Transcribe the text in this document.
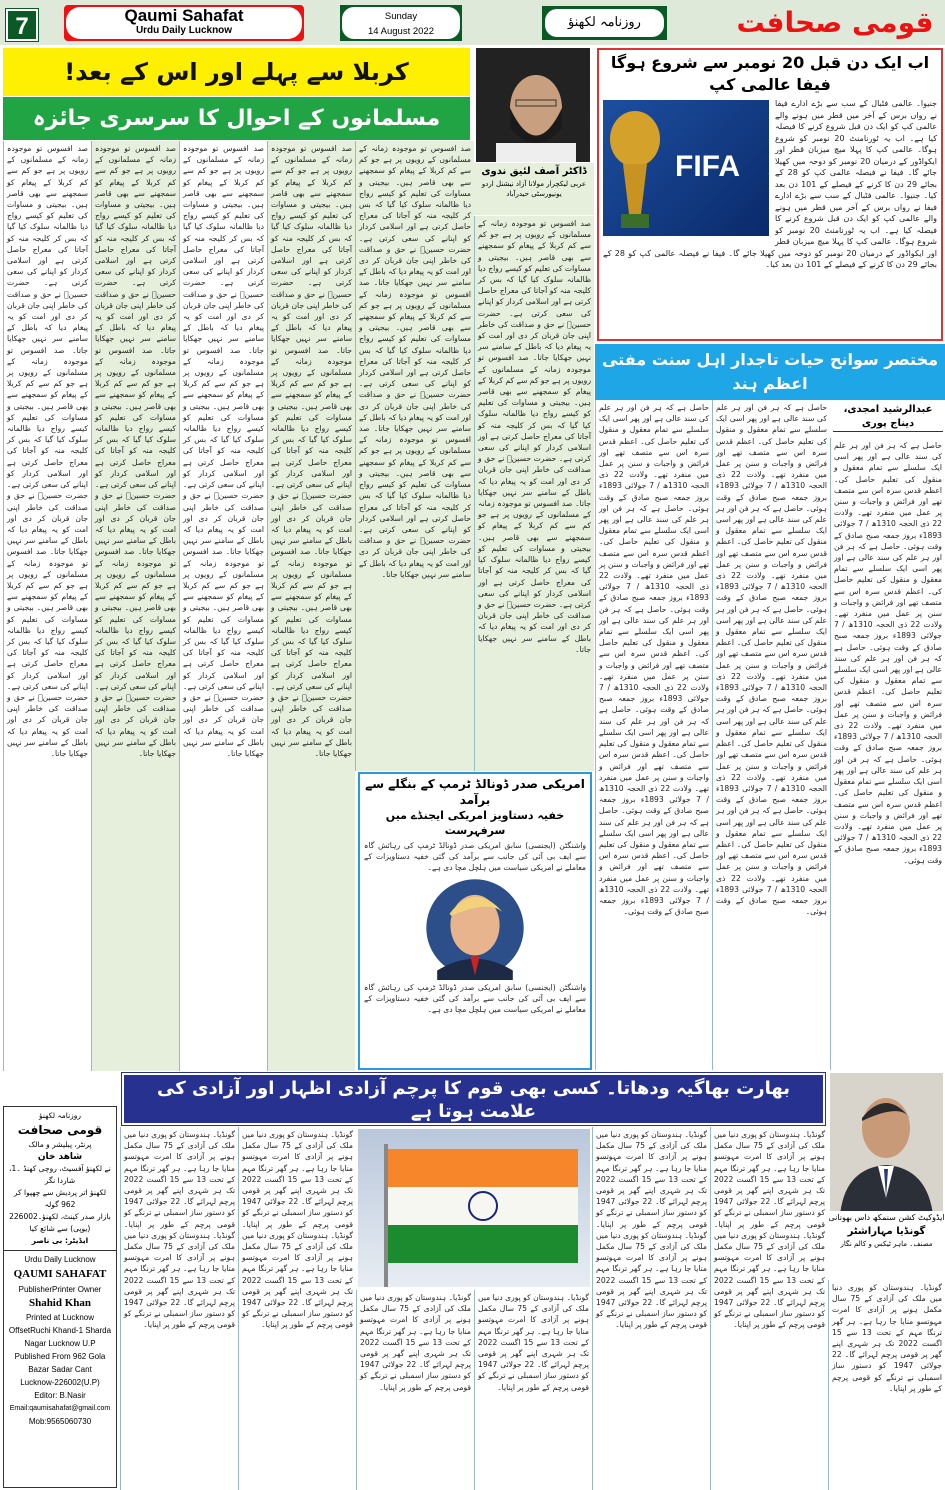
7	Qaumi Sahafat
Urdu Daily Lucknow
Sunday
14 August 2022
روزنامہ لکھنؤ	قومی صحافت
کربلا سے پہلے اور اس کے بعد!
مسلمانوں کے احوال کا سرسری جائزہ
ڈاکٹر آصف لئیق ندوی
عربی لیکچرار مولانا آزاد نیشنل اردو یونیورسٹی حیدرآباد
صد افسوس تو موجودہ زمانہ کے مسلمانوں کے رویوں پر ہے جو کم سے کم کربلا کے پیغام کو سمجھنے سے بھی قاصر ہیں۔ بیجیتی و مساوات کی تعلیم کو کیسے رواج دیا ظالمانہ سلوک کیا گیا کہ بس کر کلیجہ منہ کو آجاتا کی معراج حاصل کرتی ہے اور اسلامی کردار کو اپنانے کی سعی کرتی ہے۔ حضرت حسینؓ نے حق و صداقت کی خاطر اپنی جان قربان کر دی اور امت کو یہ پیغام دیا کہ باطل کے سامنے سر نہیں جھکایا جاتا۔ صد افسوس تو موجودہ زمانہ کے مسلمانوں کے رویوں پر ہے جو کم سے کم کربلا کے پیغام کو سمجھنے سے بھی قاصر ہیں۔ بیجیتی و مساوات کی تعلیم کو کیسے رواج دیا ظالمانہ سلوک کیا گیا کہ بس کر کلیجہ منہ کو آجاتا کی معراج حاصل کرتی ہے اور اسلامی کردار کو اپنانے کی سعی کرتی ہے۔ حضرت حسینؓ نے حق و صداقت کی خاطر اپنی جان قربان کر دی اور امت کو یہ پیغام دیا کہ باطل کے سامنے سر نہیں جھکایا جاتا۔ صد افسوس تو موجودہ زمانہ کے مسلمانوں کے رویوں پر ہے جو کم سے کم کربلا کے پیغام کو سمجھنے سے بھی قاصر ہیں۔ بیجیتی و مساوات کی تعلیم کو کیسے رواج دیا ظالمانہ سلوک کیا گیا کہ بس کر کلیجہ منہ کو آجاتا کی معراج حاصل کرتی ہے اور اسلامی کردار کو اپنانے کی سعی کرتی ہے۔ حضرت حسینؓ نے حق و صداقت کی خاطر اپنی جان قربان کر دی اور امت کو یہ پیغام دیا کہ باطل کے سامنے سر نہیں جھکایا جاتا۔
صد افسوس تو موجودہ زمانہ کے مسلمانوں کے رویوں پر ہے جو کم سے کم کربلا کے پیغام کو سمجھنے سے بھی قاصر ہیں۔ بیجیتی و مساوات کی تعلیم کو کیسے رواج دیا ظالمانہ سلوک کیا گیا کہ بس کر کلیجہ منہ کو آجاتا کی معراج حاصل کرتی ہے اور اسلامی کردار کو اپنانے کی سعی کرتی ہے۔ حضرت حسینؓ نے حق و صداقت کی خاطر اپنی جان قربان کر دی اور امت کو یہ پیغام دیا کہ باطل کے سامنے سر نہیں جھکایا جاتا۔ صد افسوس تو موجودہ زمانہ کے مسلمانوں کے رویوں پر ہے جو کم سے کم کربلا کے پیغام کو سمجھنے سے بھی قاصر ہیں۔ بیجیتی و مساوات کی تعلیم کو کیسے رواج دیا ظالمانہ سلوک کیا گیا کہ بس کر کلیجہ منہ کو آجاتا کی معراج حاصل کرتی ہے اور اسلامی کردار کو اپنانے کی سعی کرتی ہے۔ حضرت حسینؓ نے حق و صداقت کی خاطر اپنی جان قربان کر دی اور امت کو یہ پیغام دیا کہ باطل کے سامنے سر نہیں جھکایا جاتا۔ صد افسوس تو موجودہ زمانہ کے مسلمانوں کے رویوں پر ہے جو کم سے کم کربلا کے پیغام کو سمجھنے سے بھی قاصر ہیں۔ بیجیتی و مساوات کی تعلیم کو کیسے رواج دیا ظالمانہ سلوک کیا گیا کہ بس کر کلیجہ منہ کو آجاتا کی معراج حاصل کرتی ہے اور اسلامی کردار کو اپنانے کی سعی کرتی ہے۔ حضرت حسینؓ نے حق و صداقت کی خاطر اپنی جان قربان کر دی اور امت کو یہ پیغام دیا کہ باطل کے سامنے سر نہیں جھکایا جاتا۔
صد افسوس تو موجودہ زمانہ کے مسلمانوں کے رویوں پر ہے جو کم سے کم کربلا کے پیغام کو سمجھنے سے بھی قاصر ہیں۔ بیجیتی و مساوات کی تعلیم کو کیسے رواج دیا ظالمانہ سلوک کیا گیا کہ بس کر کلیجہ منہ کو آجاتا کی معراج حاصل کرتی ہے اور اسلامی کردار کو اپنانے کی سعی کرتی ہے۔ حضرت حسینؓ نے حق و صداقت کی خاطر اپنی جان قربان کر دی اور امت کو یہ پیغام دیا کہ باطل کے سامنے سر نہیں جھکایا جاتا۔ صد افسوس تو موجودہ زمانہ کے مسلمانوں کے رویوں پر ہے جو کم سے کم کربلا کے پیغام کو سمجھنے سے بھی قاصر ہیں۔ بیجیتی و مساوات کی تعلیم کو کیسے رواج دیا ظالمانہ سلوک کیا گیا کہ بس کر کلیجہ منہ کو آجاتا کی معراج حاصل کرتی ہے اور اسلامی کردار کو اپنانے کی سعی کرتی ہے۔ حضرت حسینؓ نے حق و صداقت کی خاطر اپنی جان قربان کر دی اور امت کو یہ پیغام دیا کہ باطل کے سامنے سر نہیں جھکایا جاتا۔ صد افسوس تو موجودہ زمانہ کے مسلمانوں کے رویوں پر ہے جو کم سے کم کربلا کے پیغام کو سمجھنے سے بھی قاصر ہیں۔ بیجیتی و مساوات کی تعلیم کو کیسے رواج دیا ظالمانہ سلوک کیا گیا کہ بس کر کلیجہ منہ کو آجاتا کی معراج حاصل کرتی ہے اور اسلامی کردار کو اپنانے کی سعی کرتی ہے۔ حضرت حسینؓ نے حق و صداقت کی خاطر اپنی جان قربان کر دی اور امت کو یہ پیغام دیا کہ باطل کے سامنے سر نہیں جھکایا جاتا۔
صد افسوس تو موجودہ زمانہ کے مسلمانوں کے رویوں پر ہے جو کم سے کم کربلا کے پیغام کو سمجھنے سے بھی قاصر ہیں۔ بیجیتی و مساوات کی تعلیم کو کیسے رواج دیا ظالمانہ سلوک کیا گیا کہ بس کر کلیجہ منہ کو آجاتا کی معراج حاصل کرتی ہے اور اسلامی کردار کو اپنانے کی سعی کرتی ہے۔ حضرت حسینؓ نے حق و صداقت کی خاطر اپنی جان قربان کر دی اور امت کو یہ پیغام دیا کہ باطل کے سامنے سر نہیں جھکایا جاتا۔ صد افسوس تو موجودہ زمانہ کے مسلمانوں کے رویوں پر ہے جو کم سے کم کربلا کے پیغام کو سمجھنے سے بھی قاصر ہیں۔ بیجیتی و مساوات کی تعلیم کو کیسے رواج دیا ظالمانہ سلوک کیا گیا کہ بس کر کلیجہ منہ کو آجاتا کی معراج حاصل کرتی ہے اور اسلامی کردار کو اپنانے کی سعی کرتی ہے۔ حضرت حسینؓ نے حق و صداقت کی خاطر اپنی جان قربان کر دی اور امت کو یہ پیغام دیا کہ باطل کے سامنے سر نہیں جھکایا جاتا۔ صد افسوس تو موجودہ زمانہ کے مسلمانوں کے رویوں پر ہے جو کم سے کم کربلا کے پیغام کو سمجھنے سے بھی قاصر ہیں۔ بیجیتی و مساوات کی تعلیم کو کیسے رواج دیا ظالمانہ سلوک کیا گیا کہ بس کر کلیجہ منہ کو آجاتا کی معراج حاصل کرتی ہے اور اسلامی کردار کو اپنانے کی سعی کرتی ہے۔ حضرت حسینؓ نے حق و صداقت کی خاطر اپنی جان قربان کر دی اور امت کو یہ پیغام دیا کہ باطل کے سامنے سر نہیں جھکایا جاتا۔
صد افسوس تو موجودہ زمانہ کے مسلمانوں کے رویوں پر ہے جو کم سے کم کربلا کے پیغام کو سمجھنے سے بھی قاصر ہیں۔ بیجیتی و مساوات کی تعلیم کو کیسے رواج دیا ظالمانہ سلوک کیا گیا کہ بس کر کلیجہ منہ کو آجاتا کی معراج حاصل کرتی ہے اور اسلامی کردار کو اپنانے کی سعی کرتی ہے۔ حضرت حسینؓ نے حق و صداقت کی خاطر اپنی جان قربان کر دی اور امت کو یہ پیغام دیا کہ باطل کے سامنے سر نہیں جھکایا جاتا۔ صد افسوس تو موجودہ زمانہ کے مسلمانوں کے رویوں پر ہے جو کم سے کم کربلا کے پیغام کو سمجھنے سے بھی قاصر ہیں۔ بیجیتی و مساوات کی تعلیم کو کیسے رواج دیا ظالمانہ سلوک کیا گیا کہ بس کر کلیجہ منہ کو آجاتا کی معراج حاصل کرتی ہے اور اسلامی کردار کو اپنانے کی سعی کرتی ہے۔ حضرت حسینؓ نے حق و صداقت کی خاطر اپنی جان قربان کر دی اور امت کو یہ پیغام دیا کہ باطل کے سامنے سر نہیں جھکایا جاتا۔ صد افسوس تو موجودہ زمانہ کے مسلمانوں کے رویوں پر ہے جو کم سے کم کربلا کے پیغام کو سمجھنے سے بھی قاصر ہیں۔ بیجیتی و مساوات کی تعلیم کو کیسے رواج دیا ظالمانہ سلوک کیا گیا کہ بس کر کلیجہ منہ کو آجاتا کی معراج حاصل کرتی ہے اور اسلامی کردار کو اپنانے کی سعی کرتی ہے۔ حضرت حسینؓ نے حق و صداقت کی خاطر اپنی جان قربان کر دی اور امت کو یہ پیغام دیا کہ باطل کے سامنے سر نہیں جھکایا جاتا۔
صد افسوس تو موجودہ زمانہ کے مسلمانوں کے رویوں پر ہے جو کم سے کم کربلا کے پیغام کو سمجھنے سے بھی قاصر ہیں۔ بیجیتی و مساوات کی تعلیم کو کیسے رواج دیا ظالمانہ سلوک کیا گیا کہ بس کر کلیجہ منہ کو آجاتا کی معراج حاصل کرتی ہے اور اسلامی کردار کو اپنانے کی سعی کرتی ہے۔ حضرت حسینؓ نے حق و صداقت کی خاطر اپنی جان قربان کر دی اور امت کو یہ پیغام دیا کہ باطل کے سامنے سر نہیں جھکایا جاتا۔ صد افسوس تو موجودہ زمانہ کے مسلمانوں کے رویوں پر ہے جو کم سے کم کربلا کے پیغام کو سمجھنے سے بھی قاصر ہیں۔ بیجیتی و مساوات کی تعلیم کو کیسے رواج دیا ظالمانہ سلوک کیا گیا کہ بس کر کلیجہ منہ کو آجاتا کی معراج حاصل کرتی ہے اور اسلامی کردار کو اپنانے کی سعی کرتی ہے۔ حضرت حسینؓ نے حق و صداقت کی خاطر اپنی جان قربان کر دی اور امت کو یہ پیغام دیا کہ باطل کے سامنے سر نہیں جھکایا جاتا۔ صد افسوس تو موجودہ زمانہ کے مسلمانوں کے رویوں پر ہے جو کم سے کم کربلا کے پیغام کو سمجھنے سے بھی قاصر ہیں۔ بیجیتی و مساوات کی تعلیم کو کیسے رواج دیا ظالمانہ سلوک کیا گیا کہ بس کر کلیجہ منہ کو آجاتا کی معراج حاصل کرتی ہے اور اسلامی کردار کو اپنانے کی سعی کرتی ہے۔ حضرت حسینؓ نے حق و صداقت کی خاطر اپنی جان قربان کر دی اور امت کو یہ پیغام دیا کہ باطل کے سامنے سر نہیں جھکایا جاتا۔
امریکی صدر ڈونالڈ ٹرمپ کے بنگلے سے برآمد
خفیہ دستاویز امریکی ایجنڈے میں سرفہرست
واشنگٹن (ایجنسی) سابق امریکی صدر ڈونالڈ ٹرمپ کی رہائش گاہ سے ایف بی آئی کی جانب سے برآمد کی گئی خفیہ دستاویزات کے معاملے نے امریکی سیاست میں ہلچل مچا دی ہے۔
واشنگٹن (ایجنسی) سابق امریکی صدر ڈونالڈ ٹرمپ کی رہائش گاہ سے ایف بی آئی کی جانب سے برآمد کی گئی خفیہ دستاویزات کے معاملے نے امریکی سیاست میں ہلچل مچا دی ہے۔
اب ایک دن قبل 20 نومبر سے شروع ہوگا فیفا عالمی کپ
FIFA
جنیوا۔ عالمی فٹبال کے سب سے بڑے ادارے فیفا نے رواں برس کے آخر میں قطر میں ہونے والے عالمی کپ کو ایک دن قبل شروع کرنے کا فیصلہ کیا ہے۔ اب یہ ٹورنامنٹ 20 نومبر کو شروع ہوگا۔ عالمی کپ کا پہلا میچ میزبان قطر اور ایکواڈور کے درمیان 20 نومبر کو دوحہ میں کھیلا جائے گا۔ فیفا نے فیصلہ عالمی کپ کو 28 کے بجائے 29 دن کا کرنے کے فیصلے کے 101 دن بعد کیا۔ جنیوا۔ عالمی فٹبال کے سب سے بڑے ادارے فیفا نے رواں برس کے آخر میں قطر میں ہونے والے عالمی کپ کو ایک دن قبل شروع کرنے کا فیصلہ کیا ہے۔ اب یہ ٹورنامنٹ 20 نومبر کو شروع ہوگا۔ عالمی کپ کا پہلا میچ میزبان قطر اور ایکواڈور کے درمیان 20 نومبر کو دوحہ میں کھیلا جائے گا۔ فیفا نے فیصلہ عالمی کپ کو 28 کے بجائے 29 دن کا کرنے کے فیصلے کے 101 دن بعد کیا۔
مختصر سوانح حیات تاجدار اہل سنت مفتی اعظم ہند
عبدالرشید امجدی، دیناج پوری
حاصل ہے کہ ہر فن اور ہر علم کی سند عالی ہے اور پھر اسی ایک سلسلے سے تمام معقول و منقول کی تعلیم حاصل کی۔ اعظم قدس سرہ اس سے متصف تھے اور فرائض و واجبات و سنن پر عمل میں منفرد تھے۔ ولادت 22 ذی الحجہ 1310ھ / 7 جولائی 1893ء بروز جمعہ صبح صادق کے وقت ہوئی۔ حاصل ہے کہ ہر فن اور ہر علم کی سند عالی ہے اور پھر اسی ایک سلسلے سے تمام معقول و منقول کی تعلیم حاصل کی۔ اعظم قدس سرہ اس سے متصف تھے اور فرائض و واجبات و سنن پر عمل میں منفرد تھے۔ ولادت 22 ذی الحجہ 1310ھ / 7 جولائی 1893ء بروز جمعہ صبح صادق کے وقت ہوئی۔ حاصل ہے کہ ہر فن اور ہر علم کی سند عالی ہے اور پھر اسی ایک سلسلے سے تمام معقول و منقول کی تعلیم حاصل کی۔ اعظم قدس سرہ اس سے متصف تھے اور فرائض و واجبات و سنن پر عمل میں منفرد تھے۔ ولادت 22 ذی الحجہ 1310ھ / 7 جولائی 1893ء بروز جمعہ صبح صادق کے وقت ہوئی۔ حاصل ہے کہ ہر فن اور ہر علم کی سند عالی ہے اور پھر اسی ایک سلسلے سے تمام معقول و منقول کی تعلیم حاصل کی۔ اعظم قدس سرہ اس سے متصف تھے اور فرائض و واجبات و سنن پر عمل میں منفرد تھے۔ ولادت 22 ذی الحجہ 1310ھ / 7 جولائی 1893ء بروز جمعہ صبح صادق کے وقت ہوئی۔
حاصل ہے کہ ہر فن اور ہر علم کی سند عالی ہے اور پھر اسی ایک سلسلے سے تمام معقول و منقول کی تعلیم حاصل کی۔ اعظم قدس سرہ اس سے متصف تھے اور فرائض و واجبات و سنن پر عمل میں منفرد تھے۔ ولادت 22 ذی الحجہ 1310ھ / 7 جولائی 1893ء بروز جمعہ صبح صادق کے وقت ہوئی۔ حاصل ہے کہ ہر فن اور ہر علم کی سند عالی ہے اور پھر اسی ایک سلسلے سے تمام معقول و منقول کی تعلیم حاصل کی۔ اعظم قدس سرہ اس سے متصف تھے اور فرائض و واجبات و سنن پر عمل میں منفرد تھے۔ ولادت 22 ذی الحجہ 1310ھ / 7 جولائی 1893ء بروز جمعہ صبح صادق کے وقت ہوئی۔ حاصل ہے کہ ہر فن اور ہر علم کی سند عالی ہے اور پھر اسی ایک سلسلے سے تمام معقول و منقول کی تعلیم حاصل کی۔ اعظم قدس سرہ اس سے متصف تھے اور فرائض و واجبات و سنن پر عمل میں منفرد تھے۔ ولادت 22 ذی الحجہ 1310ھ / 7 جولائی 1893ء بروز جمعہ صبح صادق کے وقت ہوئی۔ حاصل ہے کہ ہر فن اور ہر علم کی سند عالی ہے اور پھر اسی ایک سلسلے سے تمام معقول و منقول کی تعلیم حاصل کی۔ اعظم قدس سرہ اس سے متصف تھے اور فرائض و واجبات و سنن پر عمل میں منفرد تھے۔ ولادت 22 ذی الحجہ 1310ھ / 7 جولائی 1893ء بروز جمعہ صبح صادق کے وقت ہوئی۔ حاصل ہے کہ ہر فن اور ہر علم کی سند عالی ہے اور پھر اسی ایک سلسلے سے تمام معقول و منقول کی تعلیم حاصل کی۔ اعظم قدس سرہ اس سے متصف تھے اور فرائض و واجبات و سنن پر عمل میں منفرد تھے۔ ولادت 22 ذی الحجہ 1310ھ / 7 جولائی 1893ء بروز جمعہ صبح صادق کے وقت ہوئی۔
حاصل ہے کہ ہر فن اور ہر علم کی سند عالی ہے اور پھر اسی ایک سلسلے سے تمام معقول و منقول کی تعلیم حاصل کی۔ اعظم قدس سرہ اس سے متصف تھے اور فرائض و واجبات و سنن پر عمل میں منفرد تھے۔ ولادت 22 ذی الحجہ 1310ھ / 7 جولائی 1893ء بروز جمعہ صبح صادق کے وقت ہوئی۔ حاصل ہے کہ ہر فن اور ہر علم کی سند عالی ہے اور پھر اسی ایک سلسلے سے تمام معقول و منقول کی تعلیم حاصل کی۔ اعظم قدس سرہ اس سے متصف تھے اور فرائض و واجبات و سنن پر عمل میں منفرد تھے۔ ولادت 22 ذی الحجہ 1310ھ / 7 جولائی 1893ء بروز جمعہ صبح صادق کے وقت ہوئی۔ حاصل ہے کہ ہر فن اور ہر علم کی سند عالی ہے اور پھر اسی ایک سلسلے سے تمام معقول و منقول کی تعلیم حاصل کی۔ اعظم قدس سرہ اس سے متصف تھے اور فرائض و واجبات و سنن پر عمل میں منفرد تھے۔ ولادت 22 ذی الحجہ 1310ھ / 7 جولائی 1893ء بروز جمعہ صبح صادق کے وقت ہوئی۔ حاصل ہے کہ ہر فن اور ہر علم کی سند عالی ہے اور پھر اسی ایک سلسلے سے تمام معقول و منقول کی تعلیم حاصل کی۔ اعظم قدس سرہ اس سے متصف تھے اور فرائض و واجبات و سنن پر عمل میں منفرد تھے۔ ولادت 22 ذی الحجہ 1310ھ / 7 جولائی 1893ء بروز جمعہ صبح صادق کے وقت ہوئی۔ حاصل ہے کہ ہر فن اور ہر علم کی سند عالی ہے اور پھر اسی ایک سلسلے سے تمام معقول و منقول کی تعلیم حاصل کی۔ اعظم قدس سرہ اس سے متصف تھے اور فرائض و واجبات و سنن پر عمل میں منفرد تھے۔ ولادت 22 ذی الحجہ 1310ھ / 7 جولائی 1893ء بروز جمعہ صبح صادق کے وقت ہوئی۔
روزنامہ لکھنؤ
قومی صحافت
پرنٹر، پبلیشر و مالک
شاھد خان
نے لکھنؤ آفسیٹ، روچی کھنڈ ۔1، شاردا نگر
لکھنؤ اتر پردیش سے چھپوا کر 962 گولہ
بازار صدر کینٹ، لکھنؤ۔226002
(یوپی) سے شائع کیا
ایڈیٹر: بی ناصر
Urdu Daily Lucknow
QAUMI SAHAFAT
PublisherPrinter Owner
Shahid Khan
Printed at Lucknow
OffsetRuchi Khand-1 Sharda
Nagar Lucknow U.P
Published From 962 Gola
Bazar Sadar Cant
Lucknow-226002(U.P)
Editor: B.Nasir
Email:qaumisahafat@gmail.com
Mob:9565060730
بھارت بھاگیہ ودھاتا۔ کسی بھی قوم کا پرچم آزادی اظہار اور آزادی کی علامت ہوتا ہے
ایڈوکیٹ کشن سنمکھ داس بھونانی
گونڈیا مہاراشٹر
مصنف۔ ماہر ٹیکس و کالم نگار
گونڈیا۔ ہندوستان کو پوری دنیا میں ملک کی آزادی کے 75 سال مکمل ہونے پر آزادی کا امرت مہوتسو منایا جا رہا ہے۔ ہر گھر ترنگا مہم کے تحت 13 سے 15 اگست 2022 تک ہر شہری اپنے گھر پر قومی پرچم لہرائے گا۔ 22 جولائی 1947 کو دستور ساز اسمبلی نے ترنگے کو قومی پرچم کے طور پر اپنایا۔
گونڈیا۔ ہندوستان کو پوری دنیا میں ملک کی آزادی کے 75 سال مکمل ہونے پر آزادی کا امرت مہوتسو منایا جا رہا ہے۔ ہر گھر ترنگا مہم کے تحت 13 سے 15 اگست 2022 تک ہر شہری اپنے گھر پر قومی پرچم لہرائے گا۔ 22 جولائی 1947 کو دستور ساز اسمبلی نے ترنگے کو قومی پرچم کے طور پر اپنایا۔ گونڈیا۔ ہندوستان کو پوری دنیا میں ملک کی آزادی کے 75 سال مکمل ہونے پر آزادی کا امرت مہوتسو منایا جا رہا ہے۔ ہر گھر ترنگا مہم کے تحت 13 سے 15 اگست 2022 تک ہر شہری اپنے گھر پر قومی پرچم لہرائے گا۔ 22 جولائی 1947 کو دستور ساز اسمبلی نے ترنگے کو قومی پرچم کے طور پر اپنایا۔
گونڈیا۔ ہندوستان کو پوری دنیا میں ملک کی آزادی کے 75 سال مکمل ہونے پر آزادی کا امرت مہوتسو منایا جا رہا ہے۔ ہر گھر ترنگا مہم کے تحت 13 سے 15 اگست 2022 تک ہر شہری اپنے گھر پر قومی پرچم لہرائے گا۔ 22 جولائی 1947 کو دستور ساز اسمبلی نے ترنگے کو قومی پرچم کے طور پر اپنایا۔ گونڈیا۔ ہندوستان کو پوری دنیا میں ملک کی آزادی کے 75 سال مکمل ہونے پر آزادی کا امرت مہوتسو منایا جا رہا ہے۔ ہر گھر ترنگا مہم کے تحت 13 سے 15 اگست 2022 تک ہر شہری اپنے گھر پر قومی پرچم لہرائے گا۔ 22 جولائی 1947 کو دستور ساز اسمبلی نے ترنگے کو قومی پرچم کے طور پر اپنایا۔
گونڈیا۔ ہندوستان کو پوری دنیا میں ملک کی آزادی کے 75 سال مکمل ہونے پر آزادی کا امرت مہوتسو منایا جا رہا ہے۔ ہر گھر ترنگا مہم کے تحت 13 سے 15 اگست 2022 تک ہر شہری اپنے گھر پر قومی پرچم لہرائے گا۔ 22 جولائی 1947 کو دستور ساز اسمبلی نے ترنگے کو قومی پرچم کے طور پر اپنایا۔
گونڈیا۔ ہندوستان کو پوری دنیا میں ملک کی آزادی کے 75 سال مکمل ہونے پر آزادی کا امرت مہوتسو منایا جا رہا ہے۔ ہر گھر ترنگا مہم کے تحت 13 سے 15 اگست 2022 تک ہر شہری اپنے گھر پر قومی پرچم لہرائے گا۔ 22 جولائی 1947 کو دستور ساز اسمبلی نے ترنگے کو قومی پرچم کے طور پر اپنایا۔
گونڈیا۔ ہندوستان کو پوری دنیا میں ملک کی آزادی کے 75 سال مکمل ہونے پر آزادی کا امرت مہوتسو منایا جا رہا ہے۔ ہر گھر ترنگا مہم کے تحت 13 سے 15 اگست 2022 تک ہر شہری اپنے گھر پر قومی پرچم لہرائے گا۔ 22 جولائی 1947 کو دستور ساز اسمبلی نے ترنگے کو قومی پرچم کے طور پر اپنایا۔ گونڈیا۔ ہندوستان کو پوری دنیا میں ملک کی آزادی کے 75 سال مکمل ہونے پر آزادی کا امرت مہوتسو منایا جا رہا ہے۔ ہر گھر ترنگا مہم کے تحت 13 سے 15 اگست 2022 تک ہر شہری اپنے گھر پر قومی پرچم لہرائے گا۔ 22 جولائی 1947 کو دستور ساز اسمبلی نے ترنگے کو قومی پرچم کے طور پر اپنایا۔
گونڈیا۔ ہندوستان کو پوری دنیا میں ملک کی آزادی کے 75 سال مکمل ہونے پر آزادی کا امرت مہوتسو منایا جا رہا ہے۔ ہر گھر ترنگا مہم کے تحت 13 سے 15 اگست 2022 تک ہر شہری اپنے گھر پر قومی پرچم لہرائے گا۔ 22 جولائی 1947 کو دستور ساز اسمبلی نے ترنگے کو قومی پرچم کے طور پر اپنایا۔ گونڈیا۔ ہندوستان کو پوری دنیا میں ملک کی آزادی کے 75 سال مکمل ہونے پر آزادی کا امرت مہوتسو منایا جا رہا ہے۔ ہر گھر ترنگا مہم کے تحت 13 سے 15 اگست 2022 تک ہر شہری اپنے گھر پر قومی پرچم لہرائے گا۔ 22 جولائی 1947 کو دستور ساز اسمبلی نے ترنگے کو قومی پرچم کے طور پر اپنایا۔
